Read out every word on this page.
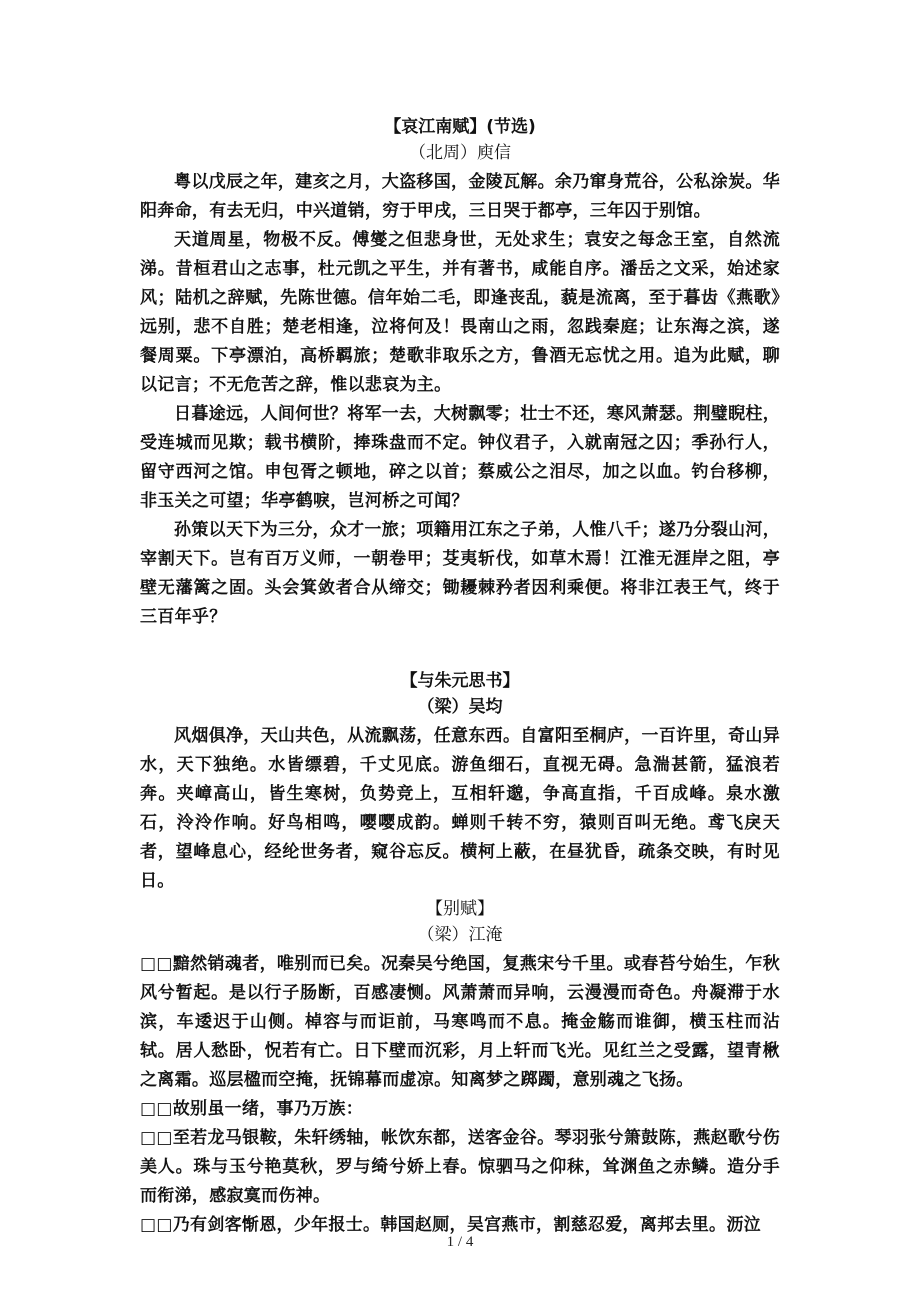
【哀江南赋】(节选)

（北周）庾信

粤以戊辰之年，建亥之月，大盗移国，金陵瓦解。余乃窜身荒谷，公私涂炭。华阳奔命，有去无归，中兴道销，穷于甲戌，三日哭于都亭，三年囚于别馆。

天道周星，物极不反。傅燮之但悲身世，无处求生；袁安之每念王室，自然流涕。昔桓君山之志事，杜元凯之平生，并有著书，咸能自序。潘岳之文采，始述家风；陆机之辞赋，先陈世德。信年始二毛，即逢丧乱，藐是流离，至于暮齿《燕歌》远别，悲不自胜；楚老相逢，泣将何及！畏南山之雨，忽践秦庭；让东海之滨，遂餐周粟。下亭漂泊，高桥羁旅；楚歌非取乐之方，鲁酒无忘忧之用。追为此赋，聊以记言；不无危苦之辞，惟以悲哀为主。

日暮途远，人间何世？将军一去，大树飘零；壮士不还，寒风萧瑟。荆璧睨柱，受连城而见欺；载书横阶，捧珠盘而不定。钟仪君子，入就南冠之囚；季孙行人，留守西河之馆。申包胥之顿地，碎之以首；蔡威公之泪尽，加之以血。钓台移柳，非玉关之可望；华亭鹤唳，岂河桥之可闻？

孙策以天下为三分，众才一旅；项籍用江东之子弟，人惟八千；遂乃分裂山河，宰割天下。岂有百万义师，一朝卷甲；芟夷斩伐，如草木焉！江淮无涯岸之阻，亭壁无藩篱之固。头会箕敛者合从缔交；锄耰棘矜者因利乘便。将非江表王气，终于三百年乎？

【与朱元思书】

（梁）吴均

风烟俱净，天山共色，从流飘荡，任意东西。自富阳至桐庐，一百许里，奇山异水，天下独绝。水皆缥碧，千丈见底。游鱼细石，直视无碍。急湍甚箭，猛浪若奔。夹嶂高山，皆生寒树，负势竞上，互相轩邈，争高直指，千百成峰。泉水激石，泠泠作响。好鸟相鸣，嘤嘤成韵。蝉则千转不穷，猿则百叫无绝。鸢飞戾天者，望峰息心，经纶世务者，窥谷忘反。横柯上蔽，在昼犹昏，疏条交映，有时见日。

【别赋】

（梁）江淹

□□黯然销魂者，唯别而已矣。况秦吴兮绝国，复燕宋兮千里。或春苔兮始生，乍秋风兮暂起。是以行子肠断，百感凄恻。风萧萧而异响，云漫漫而奇色。舟凝滞于水滨，车逶迟于山侧。棹容与而讵前，马寒鸣而不息。掩金觞而谁御，横玉柱而沾轼。居人愁卧，怳若有亡。日下壁而沉彩，月上轩而飞光。见红兰之受露，望青楸之离霜。巡层楹而空掩，抚锦幕而虚凉。知离梦之踯躅，意别魂之飞扬。

□□故别虽一绪，事乃万族：

□□至若龙马银鞍，朱轩绣轴，帐饮东都，送客金谷。琴羽张兮箫鼓陈，燕赵歌兮伤美人。珠与玉兮艳莫秋，罗与绮兮娇上春。惊驷马之仰秣，耸渊鱼之赤鳞。造分手而衔涕，感寂寞而伤神。

□□乃有剑客惭恩，少年报士。韩国赵厕，吴宫燕市，割慈忍爱，离邦去里。沥泣

1 / 4
